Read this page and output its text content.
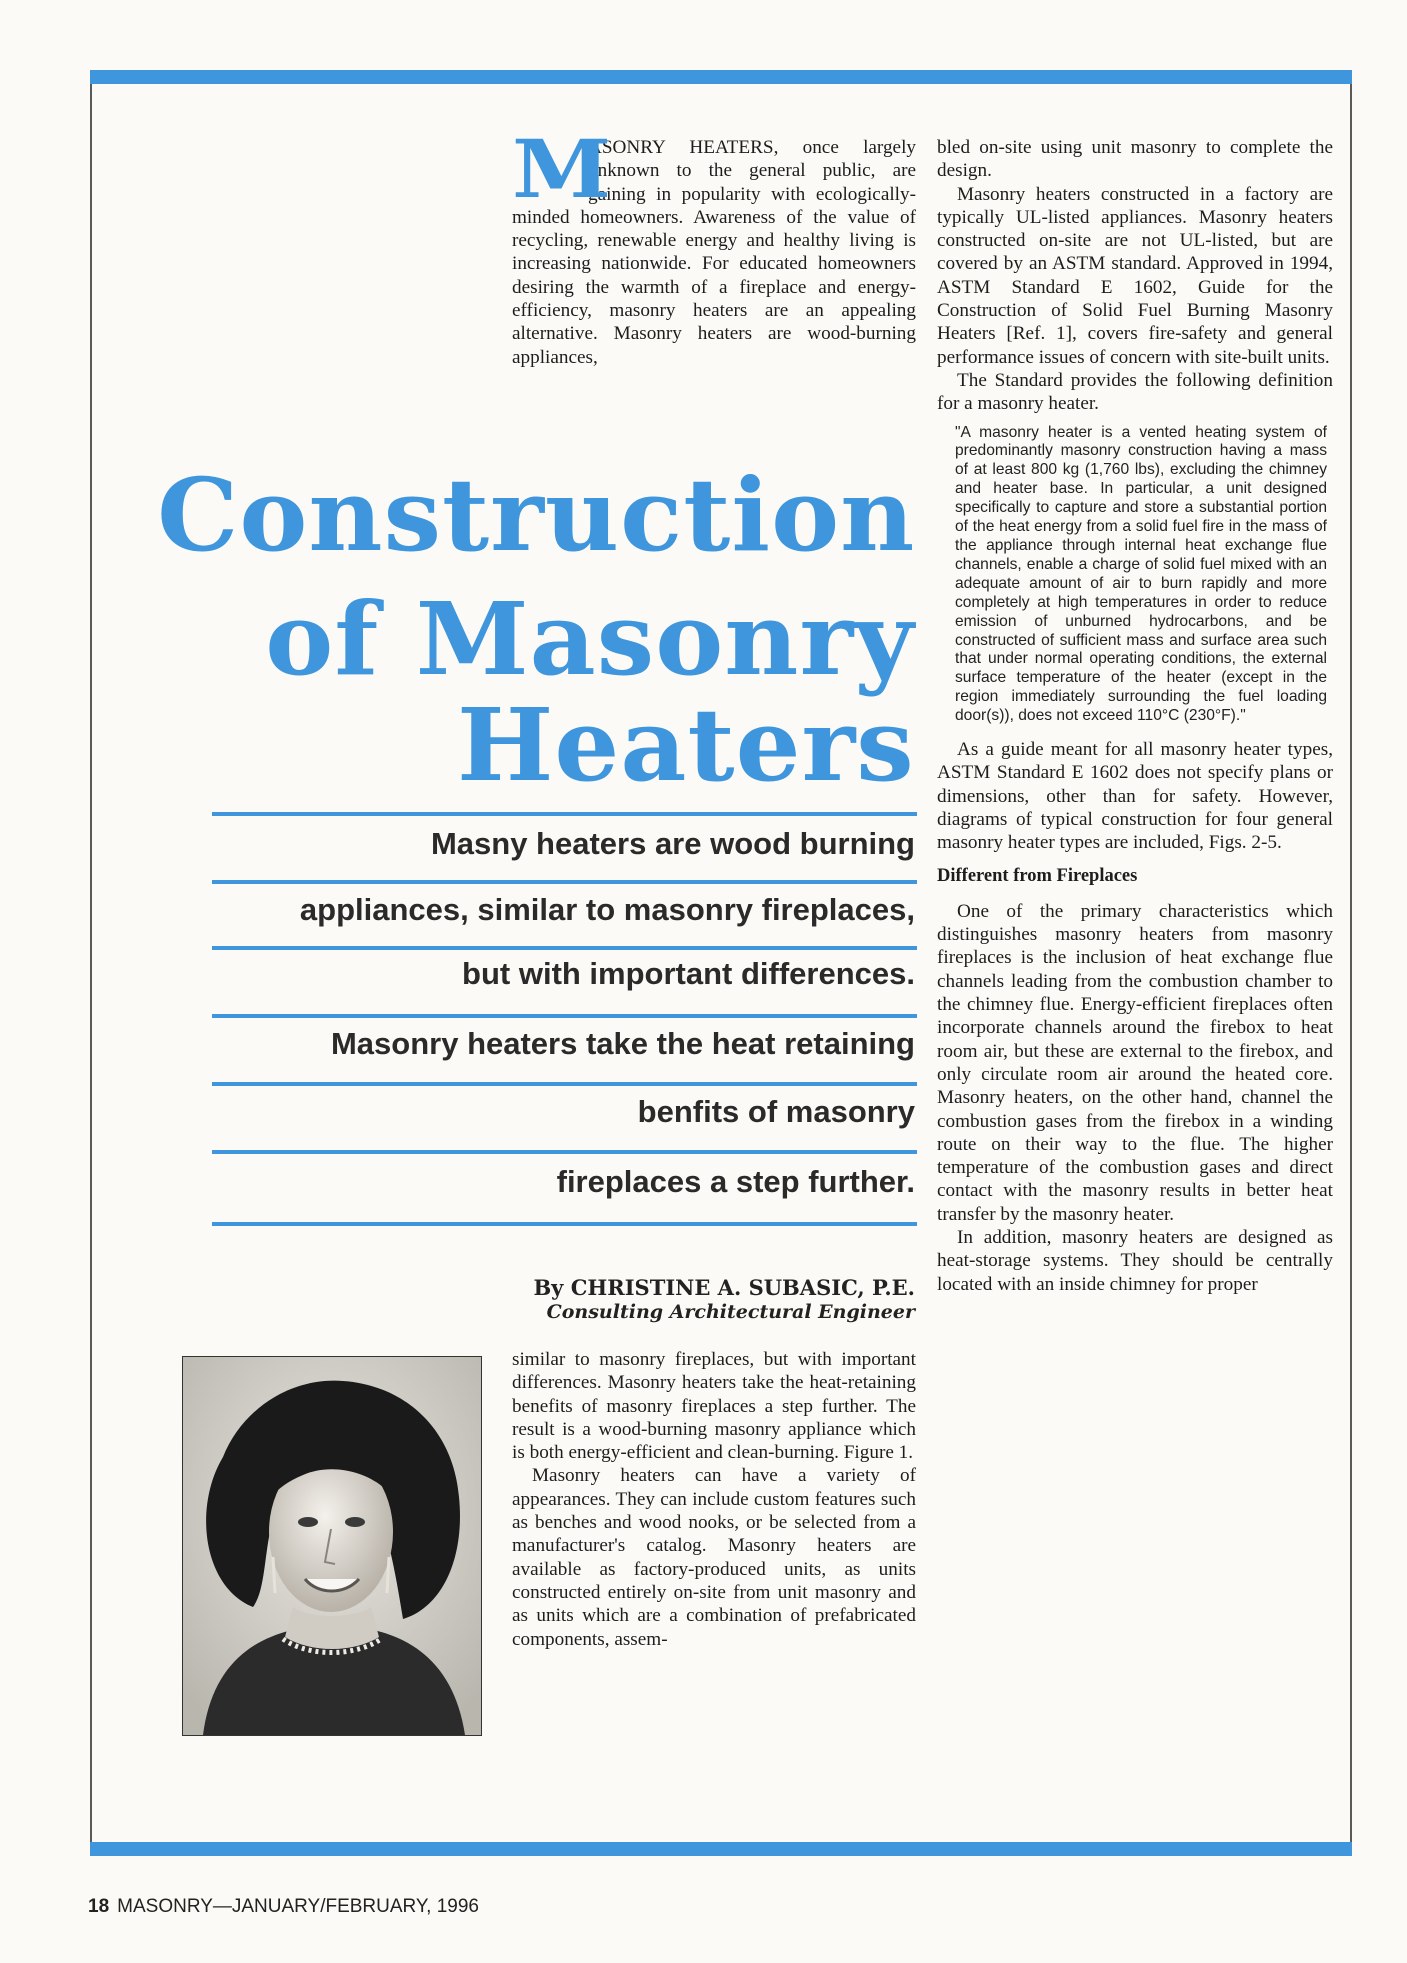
M
ASONRY HEATERS, once largely unknown to the general public, are gaining in popularity with ecologically-minded homeowners. Awareness of the value of recycling, renewable energy and healthy living is increasing nationwide. For educated homeowners desiring the warmth of a fireplace and energy-efficiency, masonry heaters are an appealing alternative. Masonry heaters are wood-burning appliances,
Construction
of Masonry
Heaters
Masny heaters are wood burning
appliances, similar to masonry fireplaces,
but with important differences.
Masonry heaters take the heat retaining
benfits of masonry
fireplaces a step further.
By CHRISTINE A. SUBASIC, P.E.
Consulting Architectural Engineer

similar to masonry fireplaces, but with important differences. Masonry heaters take the heat-retaining benefits of masonry fireplaces a step further. The result is a wood-burning masonry appliance which is both energy-efficient and clean-burning. Figure 1.

Masonry heaters can have a variety of appearances. They can include custom features such as benches and wood nooks, or be selected from a manufacturer's catalog. Masonry heaters are available as factory-produced units, as units constructed entirely on-site from unit masonry and as units which are a combination of prefabricated components, assem-

bled on-site using unit masonry to complete the design.

Masonry heaters constructed in a factory are typically UL-listed appliances. Masonry heaters constructed on-site are not UL-listed, but are covered by an ASTM standard. Approved in 1994, ASTM Standard E 1602, Guide for the Construction of Solid Fuel Burning Masonry Heaters [Ref. 1], covers fire-safety and general performance issues of concern with site-built units.

The Standard provides the following definition for a masonry heater.

"A masonry heater is a vented heating system of predominantly masonry construction having a mass of at least 800 kg (1,760 lbs), excluding the chimney and heater base. In particular, a unit designed specifically to capture and store a substantial portion of the heat energy from a solid fuel fire in the mass of the appliance through internal heat exchange flue channels, enable a charge of solid fuel mixed with an adequate amount of air to burn rapidly and more completely at high temperatures in order to reduce emission of unburned hydrocarbons, and be constructed of sufficient mass and surface area such that under normal operating conditions, the external surface temperature of the heater (except in the region immediately surrounding the fuel loading door(s)), does not exceed 110°C (230°F)."

As a guide meant for all masonry heater types, ASTM Standard E 1602 does not specify plans or dimensions, other than for safety. However, diagrams of typical construction for four general masonry heater types are included, Figs. 2-5.

Different from Fireplaces

One of the primary characteristics which distinguishes masonry heaters from masonry fireplaces is the inclusion of heat exchange flue channels leading from the combustion chamber to the chimney flue. Energy-efficient fireplaces often incorporate channels around the firebox to heat room air, but these are external to the firebox, and only circulate room air around the heated core. Masonry heaters, on the other hand, channel the combustion gases from the firebox in a winding route on their way to the flue. The higher temperature of the combustion gases and direct contact with the masonry results in better heat transfer by the masonry heater.

In addition, masonry heaters are designed as heat-storage systems. They should be centrally located with an inside chimney for proper

18 MASONRY—JANUARY/FEBRUARY, 1996
